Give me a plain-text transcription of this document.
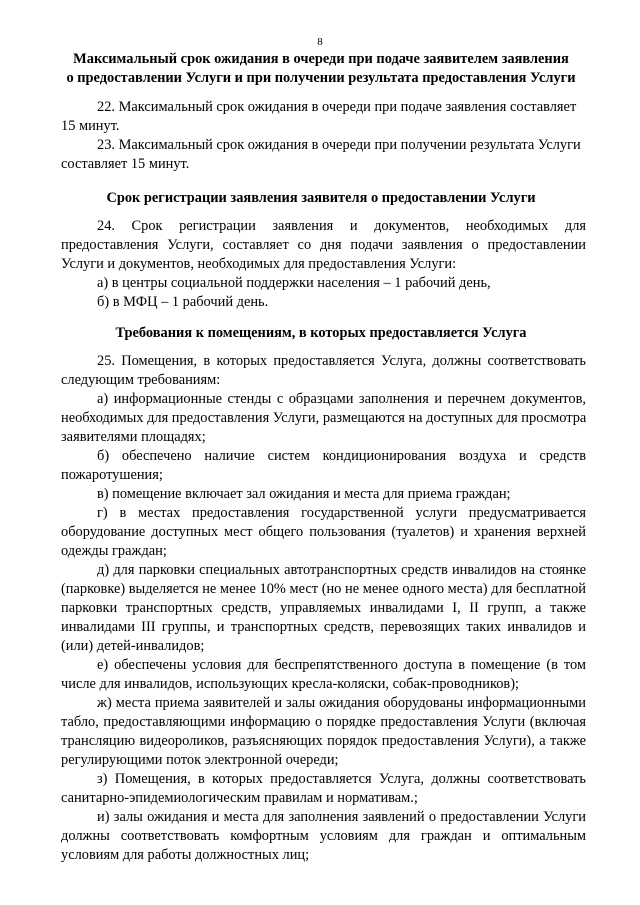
8
Максимальный срок ожидания в очереди при подаче заявителем заявления
о предоставлении Услуги и при получении результата предоставления Услуги
22. Максимальный срок ожидания в очереди при подаче заявления составляет
15 минут.
23. Максимальный срок ожидания в очереди при получении результата Услуги
составляет 15 минут.
Срок регистрации заявления заявителя о предоставлении Услуги
24. Срок регистрации заявления и документов, необходимых для
предоставления Услуги, составляет со дня подачи заявления о предоставлении
Услуги и документов, необходимых для предоставления Услуги:
а) в центры социальной поддержки населения – 1 рабочий день,
б) в МФЦ – 1 рабочий день.
Требования к помещениям, в которых предоставляется Услуга
25. Помещения, в которых предоставляется Услуга, должны соответствовать
следующим требованиям:
а) информационные стенды с образцами заполнения и перечнем документов,
необходимых для предоставления Услуги, размещаются на доступных для просмотра
заявителями площадях;
б) обеспечено наличие систем кондиционирования воздуха и средств
пожаротушения;
в) помещение включает зал ожидания и места для приема граждан;
г) в местах предоставления государственной услуги предусматривается
оборудование доступных мест общего пользования (туалетов) и хранения верхней
одежды граждан;
д) для парковки специальных автотранспортных средств инвалидов на стоянке
(парковке) выделяется не менее 10% мест (но не менее одного места) для бесплатной
парковки транспортных средств, управляемых инвалидами I, II групп, а также
инвалидами III группы, и транспортных средств, перевозящих таких инвалидов и
(или) детей-инвалидов;
е) обеспечены условия для беспрепятственного доступа в помещение (в том
числе для инвалидов, использующих кресла-коляски, собак-проводников);
ж) места приема заявителей и залы ожидания оборудованы информационными
табло, предоставляющими информацию о порядке предоставления Услуги (включая
трансляцию видеороликов, разъясняющих порядок предоставления Услуги), а также
регулирующими поток электронной очереди;
з) Помещения, в которых предоставляется Услуга, должны соответствовать
санитарно-эпидемиологическим правилам и нормативам.;
и) залы ожидания и места для заполнения заявлений о предоставлении Услуги
должны соответствовать комфортным условиям для граждан и оптимальным
условиям для работы должностных лиц;
